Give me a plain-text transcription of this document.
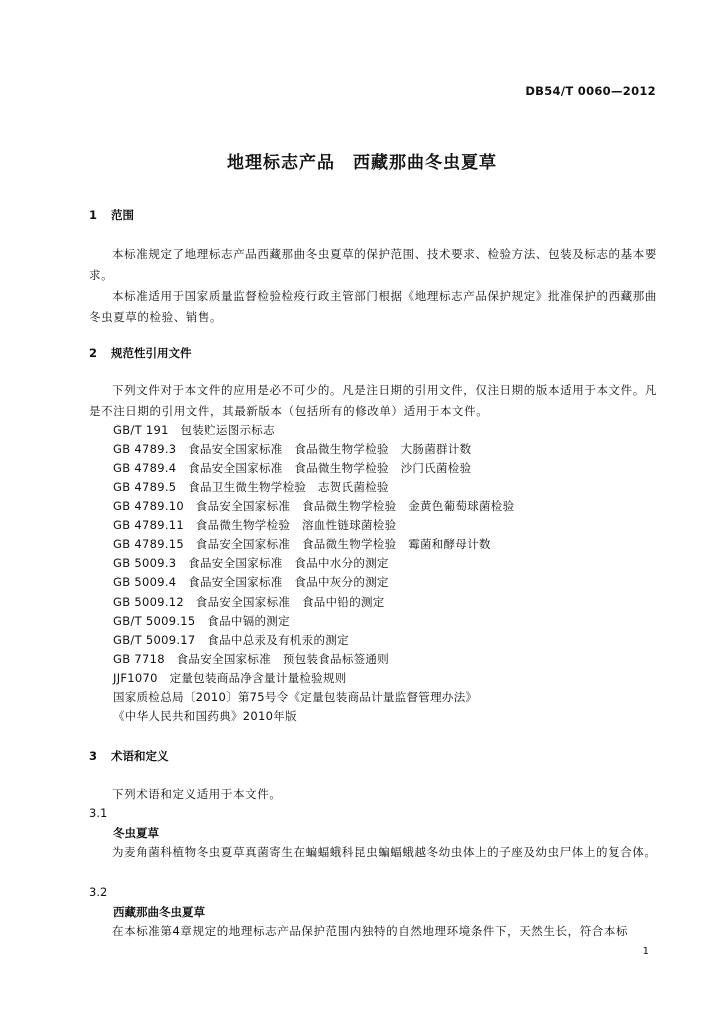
DB54/T 0060—2012
地理标志产品　西藏那曲冬虫夏草
1 范围
本标准规定了地理标志产品西藏那曲冬虫夏草的保护范围、技术要求、检验方法、包装及标志的基本要求。
本标准适用于国家质量监督检验检疫行政主管部门根据《地理标志产品保护规定》批准保护的西藏那曲冬虫夏草的检验、销售。
2 规范性引用文件
下列文件对于本文件的应用是必不可少的。凡是注日期的引用文件，仅注日期的版本适用于本文件。凡是不注日期的引用文件，其最新版本（包括所有的修改单）适用于本文件。
GB/T 191　包装贮运图示标志
GB 4789.3　食品安全国家标准　食品微生物学检验　大肠菌群计数
GB 4789.4　食品安全国家标准　食品微生物学检验　沙门氏菌检验
GB 4789.5　食品卫生微生物学检验　志贺氏菌检验
GB 4789.10　食品安全国家标准　食品微生物学检验　金黄色葡萄球菌检验
GB 4789.11　食品微生物学检验　溶血性链球菌检验
GB 4789.15　食品安全国家标准　食品微生物学检验　霉菌和酵母计数
GB 5009.3　食品安全国家标准　食品中水分的测定
GB 5009.4　食品安全国家标准　食品中灰分的测定
GB 5009.12　食品安全国家标准　食品中铅的测定
GB/T 5009.15　食品中镉的测定
GB/T 5009.17　食品中总汞及有机汞的测定
GB 7718　食品安全国家标准　预包装食品标签通则
JJF1070　定量包装商品净含量计量检验规则
国家质检总局〔2010〕第75号令《定量包装商品计量监督管理办法》
《中华人民共和国药典》2010年版
3 术语和定义
下列术语和定义适用于本文件。
3.1
冬虫夏草
为麦角菌科植物冬虫夏草真菌寄生在蝙蝠蛾科昆虫蝙蝠蛾越冬幼虫体上的子座及幼虫尸体上的复合体。
3.2
西藏那曲冬虫夏草
在本标准第4章规定的地理标志产品保护范围内独特的自然地理环境条件下，天然生长，符合本标
1
